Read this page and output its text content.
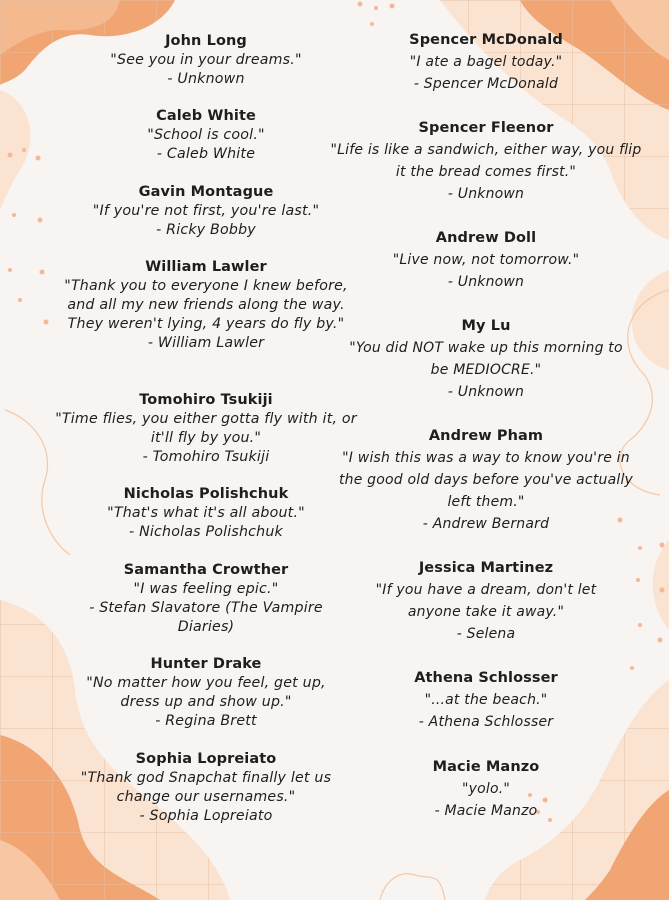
John Long
"See you in your dreams."
- Unknown
Caleb White
"School is cool."
- Caleb White
Gavin Montague
"If you're not first, you're last."
- Ricky Bobby
William Lawler
"Thank you to everyone I knew before, and all my new friends along the way. They weren't lying, 4 years do fly by."
- William Lawler
Tomohiro Tsukiji
"Time flies, you either gotta fly with it, or it'll fly by you."
- Tomohiro Tsukiji
Nicholas Polishchuk
"That's what it's all about."
- Nicholas Polishchuk
Samantha Crowther
"I was feeling epic."
- Stefan Slavatore (The Vampire Diaries)
Hunter Drake
"No matter how you feel, get up, dress up and show up."
- Regina Brett
Sophia Lopreiato
"Thank god Snapchat finally let us change our usernames."
- Sophia Lopreiato
Spencer McDonald
"I ate a bagel today."
- Spencer McDonald
Spencer Fleenor
"Life is like a sandwich, either way, you flip it the bread comes first."
- Unknown
Andrew Doll
"Live now, not tomorrow."
- Unknown
My Lu
"You did NOT wake up this morning to be MEDIOCRE."
- Unknown
Andrew Pham
"I wish this was a way to know you're in the good old days before you've actually left them."
- Andrew Bernard
Jessica Martinez
"If you have a dream, don't let anyone take it away."
- Selena
Athena Schlosser
"...at the beach."
- Athena Schlosser
Macie Manzo
"yolo."
- Macie Manzo
